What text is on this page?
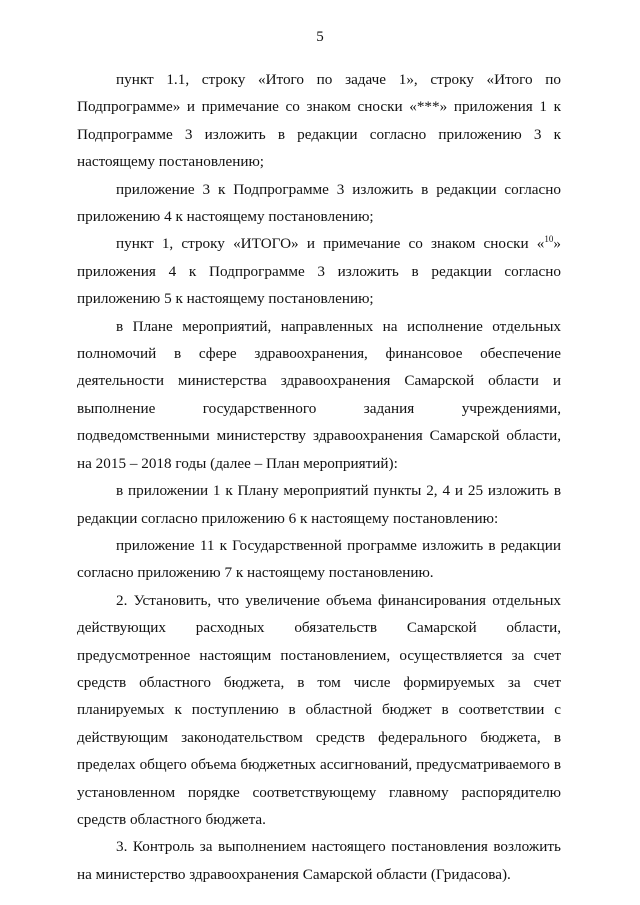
5

пункт 1.1, строку «Итого по задаче 1», строку «Итого по Подпрограмме» и примечание со знаком сноски «***» приложения 1 к Подпрограмме 3 изложить в редакции согласно приложению 3 к настоящему постановлению;

приложение 3 к Подпрограмме 3 изложить в редакции согласно приложению 4 к настоящему постановлению;

пункт 1, строку «ИТОГО» и примечание со знаком сноски «$^{10}$» приложения 4 к Подпрограмме 3 изложить в редакции согласно приложению 5 к настоящему постановлению;

в Плане мероприятий, направленных на исполнение отдельных полномочий в сфере здравоохранения, финансовое обеспечение деятельности министерства здравоохранения Самарской области и выполнение государственного задания учреждениями, подведомственными министерству здравоохранения Самарской области, на 2015 – 2018 годы (далее – План мероприятий):

в приложении 1 к Плану мероприятий пункты 2, 4 и 25 изложить в редакции согласно приложению 6 к настоящему постановлению:

приложение 11 к Государственной программе изложить в редакции согласно приложению 7 к настоящему постановлению.

2. Установить, что увеличение объема финансирования отдельных действующих расходных обязательств Самарской области, предусмотренное настоящим постановлением, осуществляется за счет средств областного бюджета, в том числе формируемых за счет планируемых к поступлению в областной бюджет в соответствии с действующим законодательством средств федерального бюджета, в пределах общего объема бюджетных ассигнований, предусматриваемого в установленном порядке соответствующему главному распорядителю средств областного бюджета.

3. Контроль за выполнением настоящего постановления возложить на министерство здравоохранения Самарской области (Гридасова).
